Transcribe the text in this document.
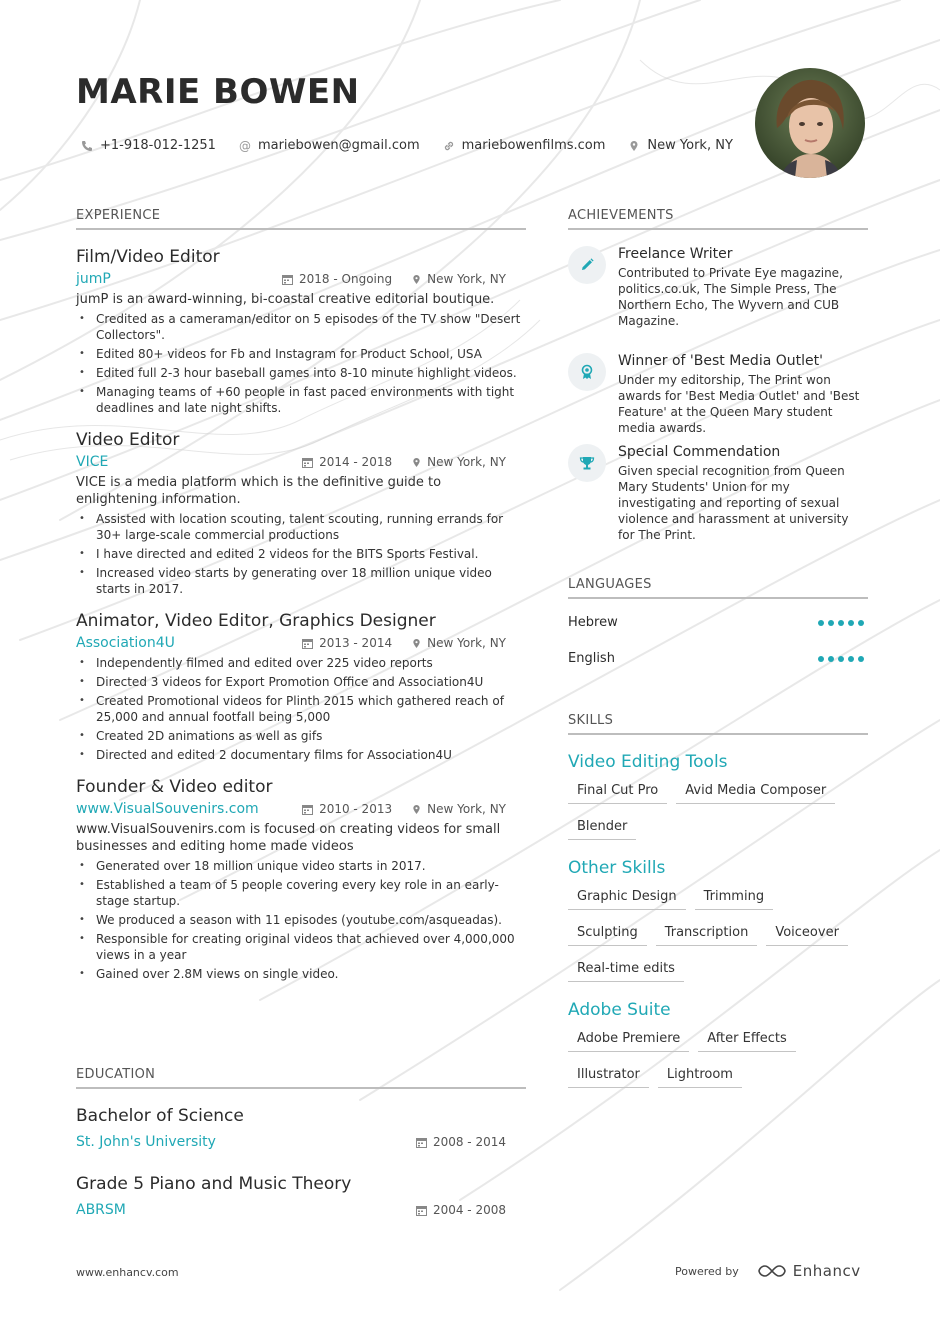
MARIE BOWEN
+1-918-012-1251 @ mariebowen@gmail.com	mariebowenfilms.com	New York, NY
EXPERIENCE
EDUCATION
ACHIEVEMENTS
LANGUAGES
SKILLS
Film/Video Editor
jumP	2018 - Ongoing	New York, NY
jumP is an award-winning, bi-coastal creative editorial boutique.
• Credited as a cameraman/editor on 5 episodes of the TV show "Desert Collectors".
• Edited 80+ videos for Fb and Instagram for Product School, USA
• Edited full 2-3 hour baseball games into 8-10 minute highlight videos.
• Managing teams of +60 people in fast paced environments with tight deadlines and late night shifts.
Video Editor
VICE	2014 - 2018	New York, NY
VICE is a media platform which is the definitive guide to enlightening information.
• Assisted with location scouting, talent scouting, running errands for 30+ large-scale commercial productions
• I have directed and edited 2 videos for the BITS Sports Festival.
• Increased video starts by generating over 18 million unique video starts in 2017.
Animator, Video Editor, Graphics Designer
Association4U	2013 - 2014	New York, NY
• Independently filmed and edited over 225 video reports
• Directed 3 videos for Export Promotion Office and Association4U
• Created Promotional videos for Plinth 2015 which gathered reach of 25,000 and annual footfall being 5,000
• Created 2D animations as well as gifs
• Directed and edited 2 documentary films for Association4U
Founder & Video editor
www.VisualSouvenirs.com	2010 - 2013	New York, NY
www.VisualSouvenirs.com is focused on creating videos for small businesses and editing home made videos
• Generated over 18 million unique video starts in 2017.
• Established a team of 5 people covering every key role in an early-stage startup.
• We produced a season with 11 episodes (youtube.com/asqueadas).
• Responsible for creating original videos that achieved over 4,000,000 views in a year
• Gained over 2.8M views on single video.
Bachelor of Science
St. John's University	2008 - 2014
Grade 5 Piano and Music Theory
ABRSM	2004 - 2008
Freelance Writer
Contributed to Private Eye magazine, politics.co.uk, The Simple Press, The Northern Echo, The Wyvern and CUB Magazine.
Winner of 'Best Media Outlet'
Under my editorship, The Print won awards for 'Best Media Outlet' and 'Best Feature' at the Queen Mary student media awards.
Special Commendation
Given special recognition from Queen Mary Students' Union for my investigating and reporting of sexual violence and harassment at university for The Print.
Hebrew
English
Video Editing Tools
Final Cut Pro	Avid Media Composer
Blender
Other Skills
Graphic Design	Trimming
Sculpting	Transcription	Voiceover
Real-time edits
Adobe Suite
Adobe Premiere	After Effects
Illustrator	Lightroom
www.enhancv.com	Powered by	Enhancv
